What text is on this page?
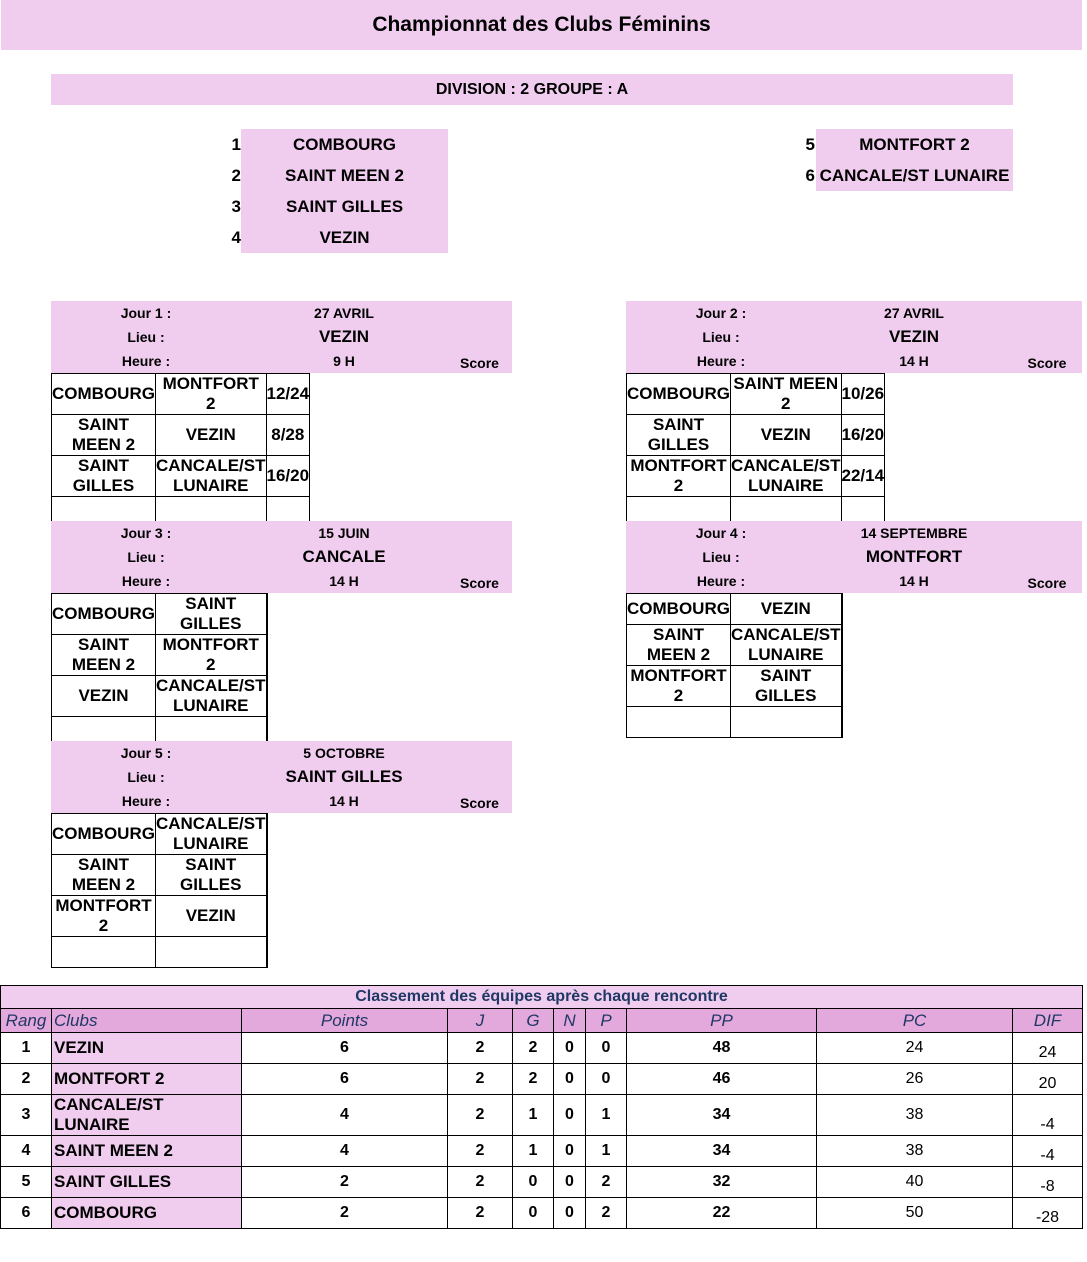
Championnat des Clubs Féminins
DIVISION : 2 GROUPE : A
1	COMBOURG
2	SAINT MEEN 2
3	SAINT GILLES
4	VEZIN
5	MONTFORT 2
6 CANCALE/ST LUNAIRE
Jour 1 :	27 AVRIL
Lieu :	VEZIN
Heure :	9 H	Score
COMBOURG	MONTFORT 2	12/24
SAINT MEEN 2	VEZIN	8/28
SAINT GILLES	CANCALE/ST LUNAIRE	16/20

Jour 2 :	27 AVRIL
Lieu :	VEZIN
Heure :	14 H	Score
COMBOURG	SAINT MEEN 2	10/26
SAINT GILLES	VEZIN	16/20
MONTFORT 2	CANCALE/ST LUNAIRE	22/14

Jour 3 :	15 JUIN
Lieu :	CANCALE
Heure :	14 H	Score
COMBOURG	SAINT GILLES	
SAINT MEEN 2	MONTFORT 2	
VEZIN	CANCALE/ST LUNAIRE	

Jour 4 :	14 SEPTEMBRE
Lieu :	MONTFORT
Heure :	14 H	Score
COMBOURG	VEZIN	
SAINT MEEN 2	CANCALE/ST LUNAIRE	
MONTFORT 2	SAINT GILLES	

Jour 5 :	5 OCTOBRE
Lieu :	SAINT GILLES
Heure :	14 H	Score
COMBOURG	CANCALE/ST LUNAIRE	
SAINT MEEN 2	SAINT GILLES	
MONTFORT 2	VEZIN	

Classement des équipes après chaque rencontre									
Rang	Clubs	Points	J	G	N	P	PP	PC	DIF
1	VEZIN	6	2	2	0	0	48	24	24
2	MONTFORT 2	6	2	2	0	0	46	26	20
3	CANCALE/ST LUNAIRE	4	2	1	0	1	34	38	-4
4	SAINT MEEN 2	4	2	1	0	1	34	38	-4
5	SAINT GILLES	2	2	0	0	2	32	40	-8
6	COMBOURG	2	2	0	0	2	22	50	-28
